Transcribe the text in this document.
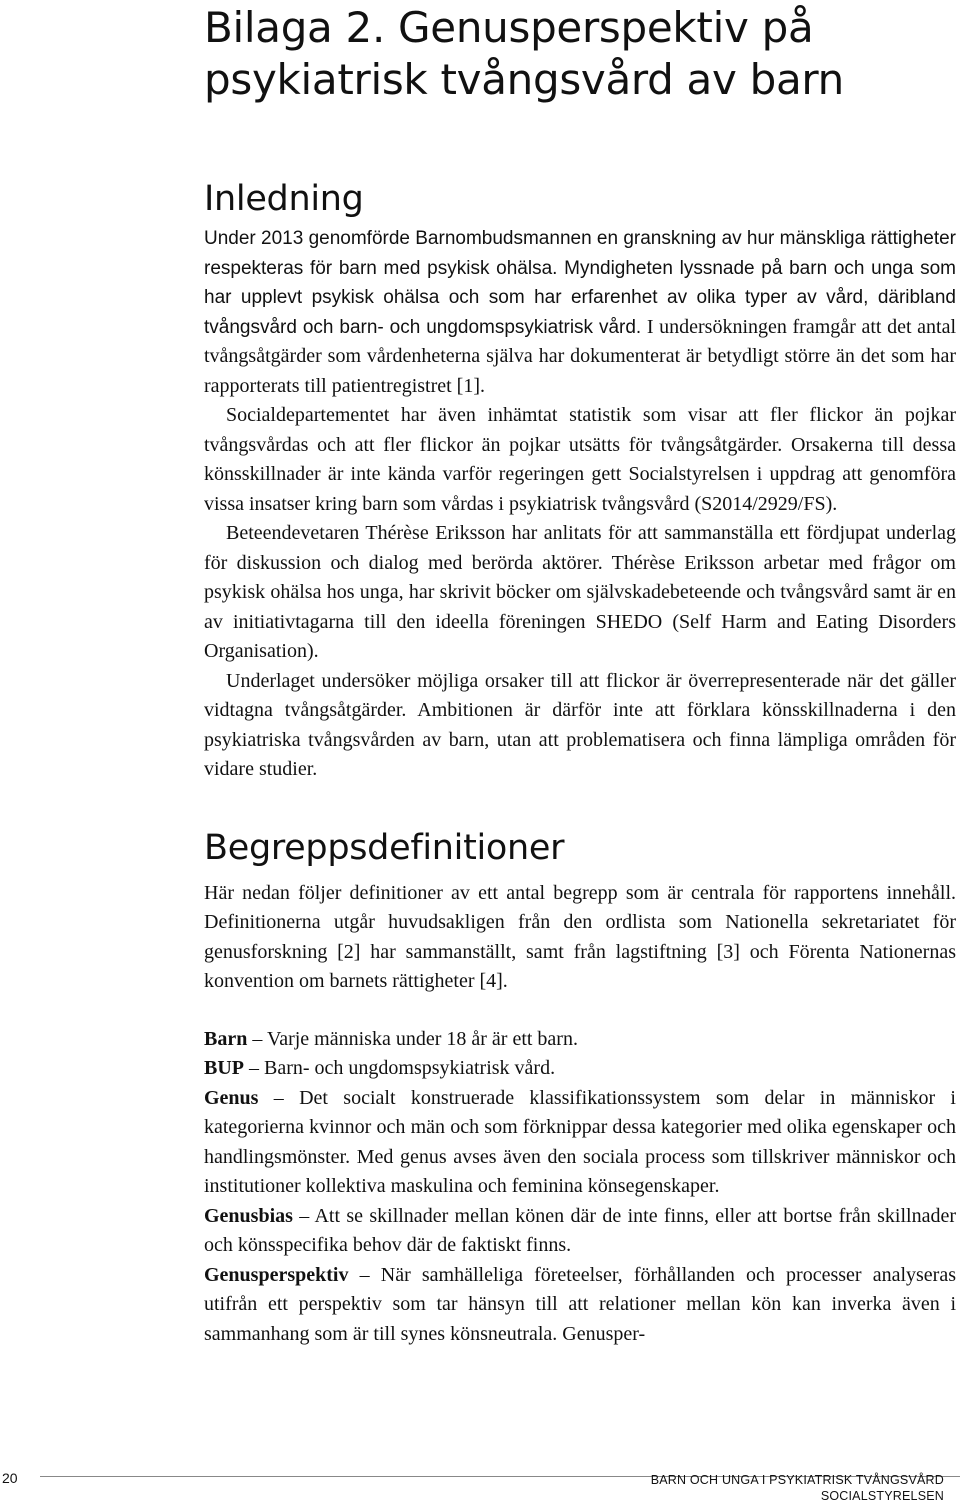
Bilaga 2. Genusperspektiv på psykiatrisk tvångsvård av barn
Inledning

Under 2013 genomförde Barnombudsmannen en granskning av hur mänskliga rättigheter respekteras för barn med psykisk ohälsa. Myndigheten lyssnade på barn och unga som har upplevt psykisk ohälsa och som har erfarenhet av olika typer av vård, däribland tvångsvård och barn- och ungdomspsykiatrisk vård. I undersökningen framgår att det antal tvångsåtgärder som vårdenheterna själva har dokumenterat är betydligt större än det som har rapporterats till patientregistret [1].

Socialdepartementet har även inhämtat statistik som visar att fler flickor än pojkar tvångsvårdas och att fler flickor än pojkar utsätts för tvångsåtgärder. Orsakerna till dessa könsskillnader är inte kända varför regeringen gett Socialstyrelsen i uppdrag att genomföra vissa insatser kring barn som vårdas i psykiatrisk tvångsvård (S2014/2929/FS).

Beteendevetaren Thérèse Eriksson har anlitats för att sammanställa ett fördjupat underlag för diskussion och dialog med berörda aktörer. Thérèse Eriksson arbetar med frågor om psykisk ohälsa hos unga, har skrivit böcker om självskadebeteende och tvångsvård samt är en av initiativtagarna till den ideella föreningen SHEDO (Self Harm and Eating Disorders Organisation).

Underlaget undersöker möjliga orsaker till att flickor är överrepresenterade när det gäller vidtagna tvångsåtgärder. Ambitionen är därför inte att förklara könsskillnaderna i den psykiatriska tvångsvården av barn, utan att problematisera och finna lämpliga områden för vidare studier.

Begreppsdefinitioner

Här nedan följer definitioner av ett antal begrepp som är centrala för rapportens innehåll. Definitionerna utgår huvudsakligen från den ordlista som Nationella sekretariatet för genusforskning [2] har sammanställt, samt från lagstiftning [3] och Förenta Nationernas konvention om barnets rättigheter [4].

Barn – Varje människa under 18 år är ett barn.
BUP – Barn- och ungdomspsykiatrisk vård.
Genus – Det socialt konstruerade klassifikationssystem som delar in människor i kategorierna kvinnor och män och som förknippar dessa kategorier med olika egenskaper och handlingsmönster. Med genus avses även den sociala process som tillskriver människor och institutioner kollektiva maskulina och feminina könsegenskaper.
Genusbias – Att se skillnader mellan könen där de inte finns, eller att bortse från skillnader och könsspecifika behov där de faktiskt finns.
Genusperspektiv – När samhälleliga företeelser, förhållanden och processer analyseras utifrån ett perspektiv som tar hänsyn till att relationer mellan kön kan inverka även i sammanhang som är till synes könsneutrala. Genusper-
20	BARN OCH UNGA I PSYKIATRISK TVÅNGSVÅRD
SOCIALSTYRELSEN
